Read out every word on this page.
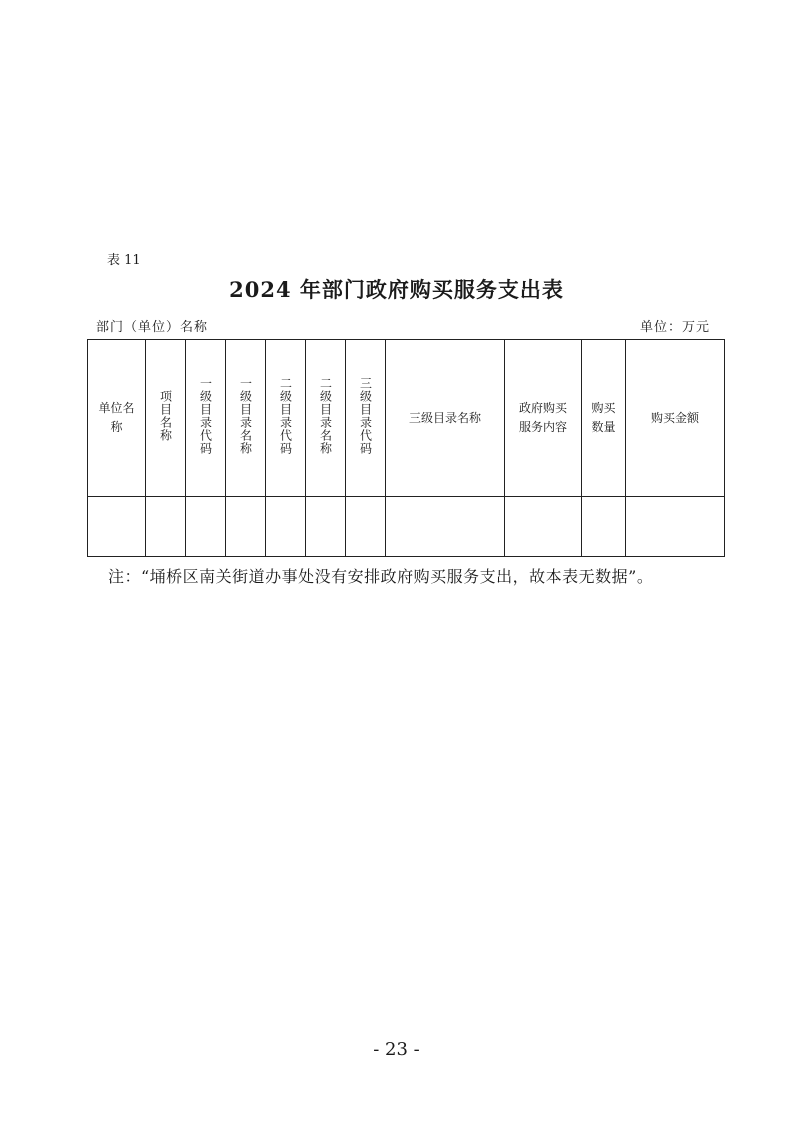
表 11
2024 年部门政府购买服务支出表
部门（单位）名称	单位：万元
单位名称	项目名称	一级目录代码	一级目录名称	二级目录代码	二级目录名称	三级目录代码	三级目录名称	政府购买服务内容	购买数量	购买金额

注：“埇桥区南关街道办事处没有安排政府购买服务支出，故本表无数据”。
- 23 -
